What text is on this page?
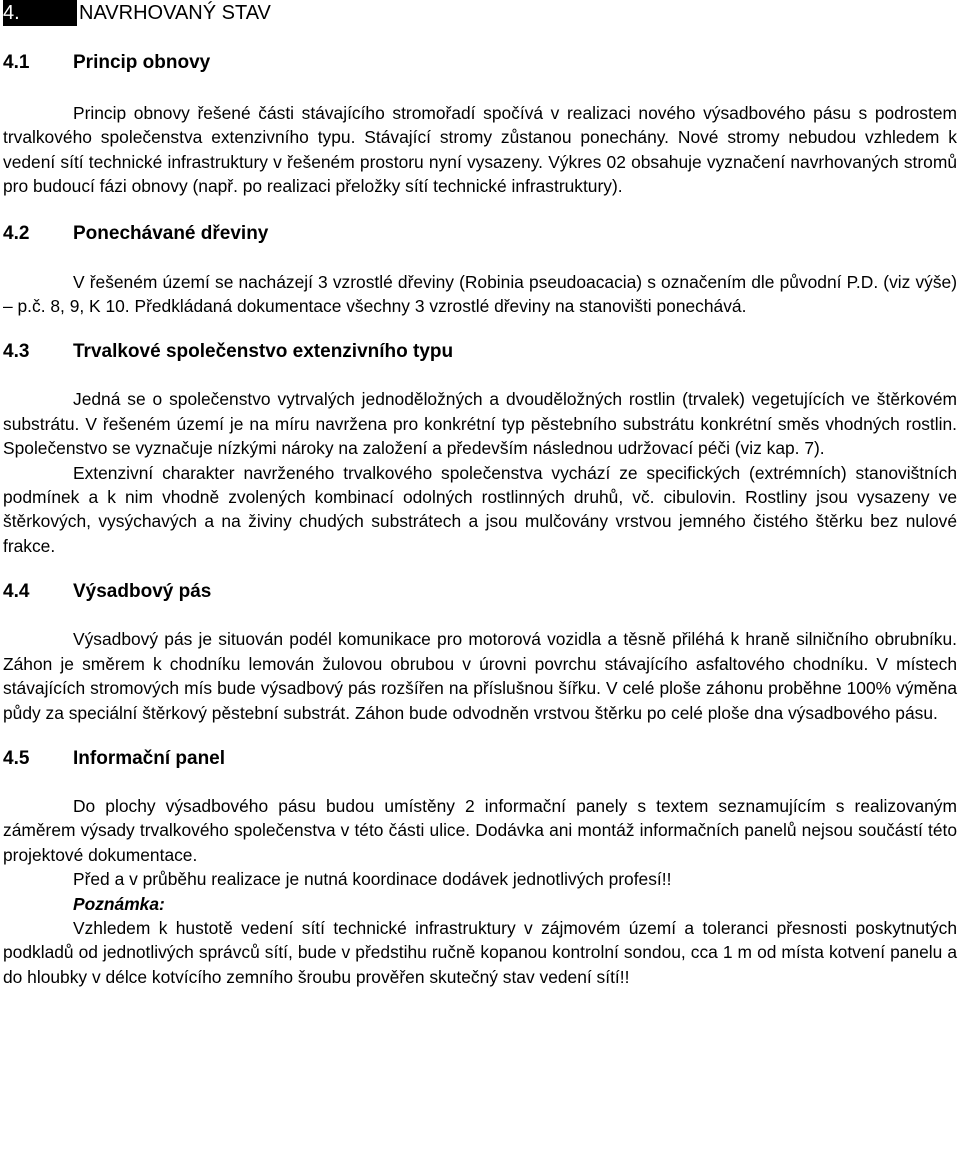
4.	NAVRHOVANÝ STAV
4.1	Princip obnovy

Princip obnovy řešené části stávajícího stromořadí spočívá v realizaci nového výsadbového pásu s podrostem trvalkového společenstva extenzivního typu. Stávající stromy zůstanou ponechány. Nové stromy nebudou vzhledem k vedení sítí technické infrastruktury v řešeném prostoru nyní vysazeny. Výkres 02 obsahuje vyznačení navrhovaných stromů pro budoucí fázi obnovy (např. po realizaci přeložky sítí technické infrastruktury).

4.2	Ponechávané dřeviny

V řešeném území se nacházejí 3 vzrostlé dřeviny (Robinia pseudoacacia) s označením dle původní P.D. (viz výše) – p.č. 8, 9, K 10. Předkládaná dokumentace všechny 3 vzrostlé dřeviny na stanovišti ponechává.

4.3	Trvalkové společenstvo extenzivního typu

Jedná se o společenstvo vytrvalých jednoděložných a dvouděložných rostlin (trvalek) vegetujících ve štěrkovém substrátu. V řešeném území je na míru navržena pro konkrétní typ pěstebního substrátu konkrétní směs vhodných rostlin. Společenstvo se vyznačuje nízkými nároky na založení a především následnou udržovací péči (viz kap. 7).

Extenzivní charakter navrženého trvalkového společenstva vychází ze specifických (extrémních) stanovištních podmínek a k nim vhodně zvolených kombinací odolných rostlinných druhů, vč. cibulovin. Rostliny jsou vysazeny ve štěrkových, vysýchavých a na živiny chudých substrátech a jsou mulčovány vrstvou jemného čistého štěrku bez nulové frakce.

4.4	Výsadbový pás

Výsadbový pás je situován podél komunikace pro motorová vozidla a těsně přiléhá k hraně silničního obrubníku. Záhon je směrem k chodníku lemován žulovou obrubou v úrovni povrchu stávajícího asfaltového chodníku. V místech stávajících stromových mís bude výsadbový pás rozšířen na příslušnou šířku. V celé ploše záhonu proběhne 100% výměna půdy za speciální štěrkový pěstební substrát. Záhon bude odvodněn vrstvou štěrku po celé ploše dna výsadbového pásu.

4.5	Informační panel

Do plochy výsadbového pásu budou umístěny 2 informační panely s textem seznamujícím s realizovaným záměrem výsady trvalkového společenstva v této části ulice. Dodávka ani montáž informačních panelů nejsou součástí této projektové dokumentace.

Před a v průběhu realizace je nutná koordinace dodávek jednotlivých profesí!!

Poznámka:

Vzhledem k hustotě vedení sítí technické infrastruktury v zájmovém území a toleranci přesnosti poskytnutých podkladů od jednotlivých správců sítí, bude v předstihu ručně kopanou kontrolní sondou, cca 1 m od místa kotvení panelu a do hloubky v délce kotvícího zemního šroubu prověřen skutečný stav vedení sítí!!
